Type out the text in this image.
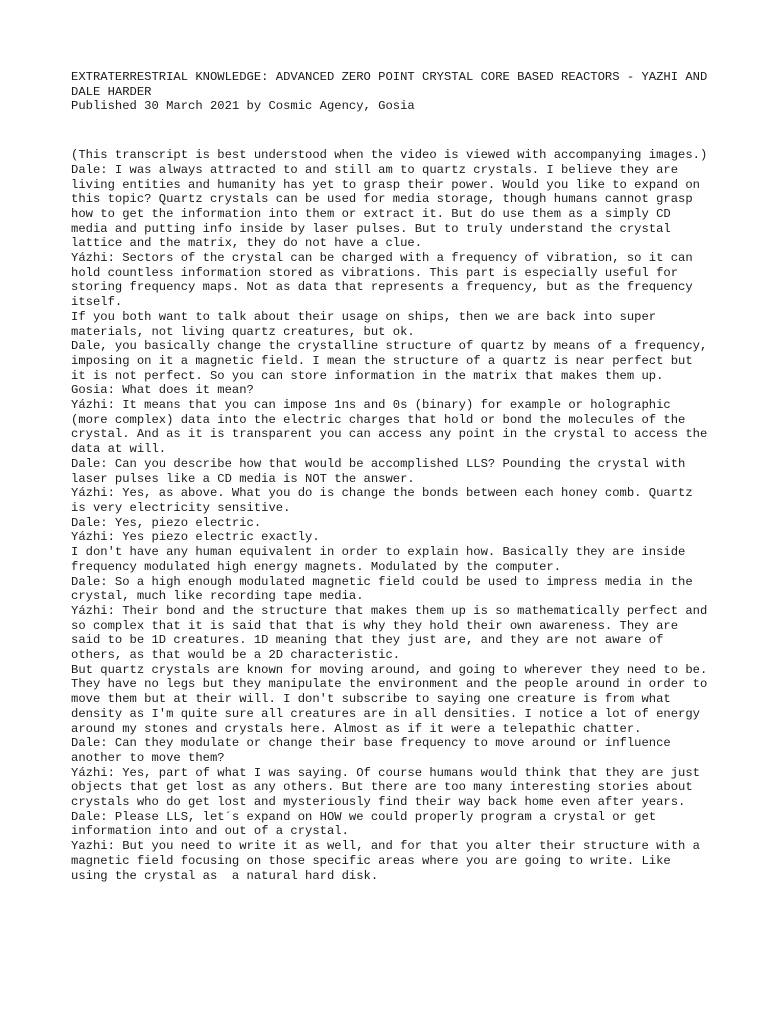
EXTRATERRESTRIAL KNOWLEDGE: ADVANCED ZERO POINT CRYSTAL CORE BASED REACTORS - YAZHI AND DALE HARDER

Published 30 March 2021 by Cosmic Agency, Gosia

(This transcript is best understood when the video is viewed with accompanying images.)

Dale: I was always attracted to and still am to quartz crystals. I believe they are living entities and humanity has yet to grasp their power. Would you like to expand on this topic? Quartz crystals can be used for media storage, though humans cannot grasp how to get the information into them or extract it. But do use them as a simply CD media and putting info inside by laser pulses. But to truly understand the crystal lattice and the matrix, they do not have a clue.

Yázhi: Sectors of the crystal can be charged with a frequency of vibration, so it can hold countless information stored as vibrations. This part is especially useful for storing frequency maps. Not as data that represents a frequency, but as the frequency itself.

If you both want to talk about their usage on ships, then we are back into super materials, not living quartz creatures, but ok.

Dale, you basically change the crystalline structure of quartz by means of a frequency, imposing on it a magnetic field. I mean the structure of a quartz is near perfect but it is not perfect. So you can store information in the matrix that makes them up.

Gosia: What does it mean?

Yázhi: It means that you can impose 1ns and 0s (binary) for example or holographic (more complex) data into the electric charges that hold or bond the molecules of the crystal. And as it is transparent you can access any point in the crystal to access the data at will.

Dale: Can you describe how that would be accomplished LLS? Pounding the crystal with laser pulses like a CD media is NOT the answer.

Yázhi: Yes, as above. What you do is change the bonds between each honey comb. Quartz is very electricity sensitive.

Dale: Yes, piezo electric.

Yázhi: Yes piezo electric exactly.

I don't have any human equivalent in order to explain how. Basically they are inside frequency modulated high energy magnets. Modulated by the computer.

Dale: So a high enough modulated magnetic field could be used to impress media in the crystal, much like recording tape media.

Yázhi: Their bond and the structure that makes them up is so mathematically perfect and so complex that it is said that that is why they hold their own awareness. They are said to be 1D creatures. 1D meaning that they just are, and they are not aware of others, as that would be a 2D characteristic.

But quartz crystals are known for moving around, and going to wherever they need to be. They have no legs but they manipulate the environment and the people around in order to move them but at their will. I don't subscribe to saying one creature is from what density as I'm quite sure all creatures are in all densities. I notice a lot of energy around my stones and crystals here. Almost as if it were a telepathic chatter.

Dale: Can they modulate or change their base frequency to move around or influence another to move them?

Yázhi: Yes, part of what I was saying. Of course humans would think that they are just objects that get lost as any others. But there are too many interesting stories about crystals who do get lost and mysteriously find their way back home even after years.

Dale: Please LLS, let´s expand on HOW we could properly program a crystal or get information into and out of a crystal.

Yazhi: But you need to write it as well, and for that you alter their structure with a magnetic field focusing on those specific areas where you are going to write. Like using the crystal as  a natural hard disk.
